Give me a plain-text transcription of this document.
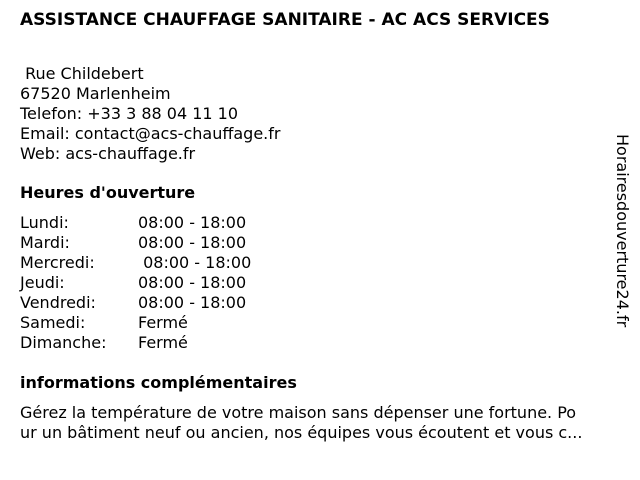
ASSISTANCE CHAUFFAGE SANITAIRE - AC ACS SERVICES
Rue Childebert
67520 Marlenheim
Telefon: +33 3 88 04 11 10
Email: contact@acs-chauffage.fr
Web: acs-chauffage.fr
Heures d'ouverture
Lundi:	08:00 - 18:00
Mardi:	08:00 - 18:00
Mercredi:	08:00 - 18:00
Jeudi:	08:00 - 18:00
Vendredi:	08:00 - 18:00
Samedi:	Fermé
Dimanche:	Fermé
informations complémentaires
Gérez la température de votre maison sans dépenser une fortune. Po
ur un bâtiment neuf ou ancien, nos équipes vous écoutent et vous c...
Horairesdouverture24.fr
